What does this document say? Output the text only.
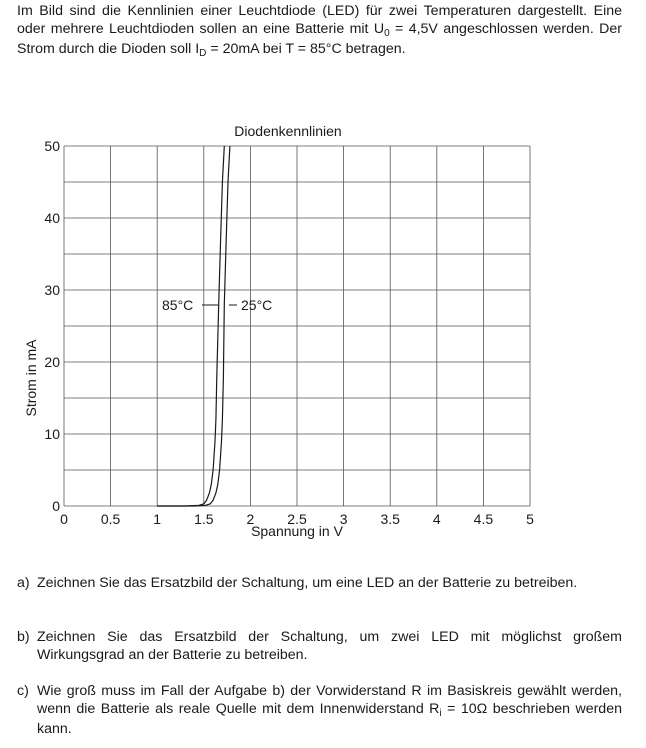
Im Bild sind die Kennlinien einer Leuchtdiode (LED) für zwei Temperaturen dargestellt. Eine oder mehrere Leuchtdioden sollen an eine Batterie mit $U_0 = 4,5V$ angeschlossen werden. Der Strom durch die Dioden soll $I_D = 20mA$ bei T = 85°C betragen.
0 0.5 1 1.5 2 2.5 3 3.5 4 4.5 5
0
10
20
30
40
50
Diodenkennlinien
Spannung in V
Strom in mA
85°C	25°C
a) Zeichnen Sie das Ersatzbild der Schaltung, um eine LED an der Batterie zu betreiben.
b) Zeichnen Sie das Ersatzbild der Schaltung, um zwei LED mit möglichst großem Wirkungsgrad an der Batterie zu betreiben.
c) Wie groß muss im Fall der Aufgabe b) der Vorwiderstand R im Basiskreis gewählt werden, wenn die Batterie als reale Quelle mit dem Innenwiderstand $R_i = 10\Omega$ beschrieben werden kann.
